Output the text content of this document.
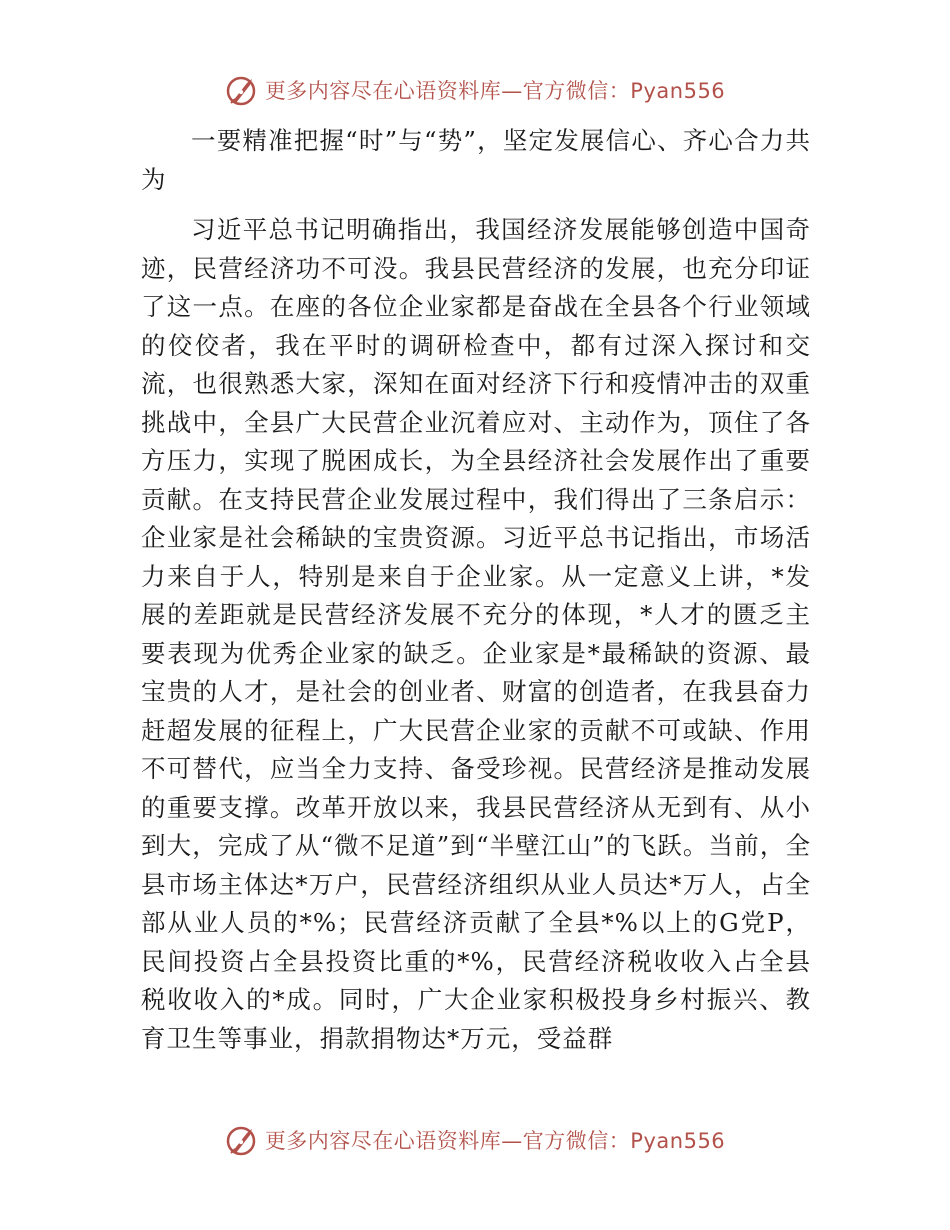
更多内容尽在心语资料库—官方微信：Pyan556

一要精准把握“时”与“势”，坚定发展信心、齐心合力共为

习近平总书记明确指出，我国经济发展能够创造中国奇迹，民营经济功不可没。我县民营经济的发展，也充分印证了这一点。在座的各位企业家都是奋战在全县各个行业领域的佼佼者，我在平时的调研检查中，都有过深入探讨和交流，也很熟悉大家，深知在面对经济下行和疫情冲击的双重挑战中，全县广大民营企业沉着应对、主动作为，顶住了各方压力，实现了脱困成长，为全县经济社会发展作出了重要贡献。在支持民营企业发展过程中，我们得出了三条启示：企业家是社会稀缺的宝贵资源。习近平总书记指出，市场活力来自于人，特别是来自于企业家。从一定意义上讲，*发展的差距就是民营经济发展不充分的体现，*人才的匮乏主要表现为优秀企业家的缺乏。企业家是*最稀缺的资源、最宝贵的人才，是社会的创业者、财富的创造者，在我县奋力赶超发展的征程上，广大民营企业家的贡献不可或缺、作用不可替代，应当全力支持、备受珍视。民营经济是推动发展的重要支撑。改革开放以来，我县民营经济从无到有、从小到大，完成了从“微不足道”到“半壁江山”的飞跃。当前，全县市场主体达*万户，民营经济组织从业人员达*万人，占全部从业人员的*%；民营经济贡献了全县*%以上的G党P，民间投资占全县投资比重的*%，民营经济税收收入占全县税收收入的*成。同时，广大企业家积极投身乡村振兴、教育卫生等事业，捐款捐物达*万元，受益群

更多内容尽在心语资料库—官方微信：Pyan556
